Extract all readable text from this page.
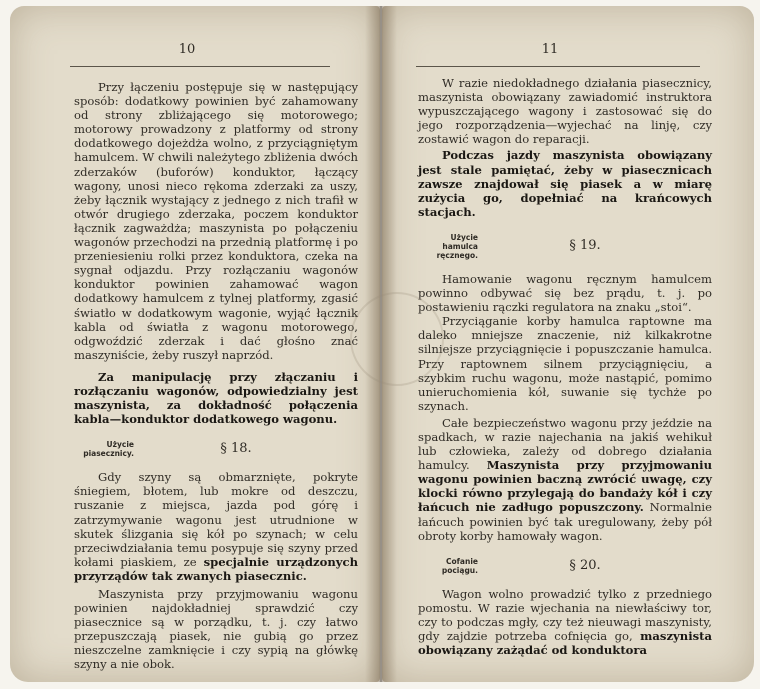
10

Przy łączeniu postępuje się w następujący sposób: dodatkowy powinien być zahamowany od strony zbliżającego się motorowego; motorowy prowadzony z platformy od strony dodatkowego dojeżdża wolno, z przyciągniętym hamulcem. W chwili należytego zbliżenia dwóch zderzaków (buforów) konduktor, łączący wagony, unosi nieco rękoma zderzaki za uszy, żeby łącznik wystający z jednego z nich trafił w otwór drugiego zderzaka, poczem konduktor łącznik zagważdża; maszynista po połączeniu wagonów przechodzi na przednią platformę i po przeniesieniu rolki przez konduktora, czeka na sygnał odjazdu. Przy rozłączaniu wagonów konduktor powinien zahamować wagon dodatkowy hamulcem z tylnej platformy, zgasić światło w dodatkowym wagonie, wyjąć łącznik kabla od światła z wagonu motorowego, odgwoździć zderzak i dać głośno znać maszyniście, żeby ruszył naprzód.

Za manipulację przy złączaniu i rozłączaniu wagonów, odpowiedzialny jest maszynista, za dokładność połączenia kabla—konduktor dodatkowego wagonu.

Użycie piasecznicy.	§ 18.

Gdy szyny są obmarznięte, pokryte śniegiem, błotem, lub mokre od deszczu, ruszanie z miejsca, jazda pod górę i zatrzymywanie wagonu jest utrudnione w skutek ślizgania się kół po szynach; w celu przeciwdziałania temu posypuje się szyny przed kołami piaskiem, ze specjalnie urządzonych przyrządów tak zwanych piasecznic.

Maszynista przy przyjmowaniu wagonu powinien najdokładniej sprawdzić czy piasecznice są w porządku, t. j. czy łatwo przepuszczają piasek, nie gubią go przez nieszczelne zamknięcie i czy sypią na główkę szyny a nie obok.

11

W razie niedokładnego działania piasecznicy, maszynista obowiązany zawiadomić instruktora wypuszczającego wagony i zastosować się do jego rozporządzenia—wyjechać na linję, czy zostawić wagon do reparacji.

Podczas jazdy maszynista obowiązany jest stale pamiętać, żeby w piasecznicach zawsze znajdował się piasek a w miarę zużycia go, dopełniać na krańcowych stacjach.

Użycie hamulca ręcznego.
§ 19.

Hamowanie wagonu ręcznym hamulcem powinno odbywać się bez prądu, t. j. po postawieniu rączki regulatora na znaku „stoi“.

Przyciąganie korby hamulca raptowne ma daleko mniejsze znaczenie, niż kilkakrotne silniejsze przyciągnięcie i popuszczanie hamulca. Przy raptownem silnem przyciągnięciu, a szybkim ruchu wagonu, może nastąpić, pomimo unieruchomienia kół, suwanie się tychże po szynach.

Całe bezpieczeństwo wagonu przy jeździe na spadkach, w razie najechania na jakiś wehikuł lub człowieka, zależy od dobrego działania hamulcy. Maszynista przy przyjmowaniu wagonu powinien baczną zwrócić uwagę, czy klocki równo przylegają do bandaży kół i czy łańcuch nie zadługo popuszczony. Normalnie łańcuch powinien być tak uregulowany, żeby pół obroty korby hamowały wagon.

Cofanie pociągu.	§ 20.

Wagon wolno prowadzić tylko z przedniego pomostu. W razie wjechania na niewłaściwy tor, czy to podczas mgły, czy też nieuwagi maszynisty, gdy zajdzie potrzeba cofnięcia go, maszynista obowiązany zażądać od konduktora
